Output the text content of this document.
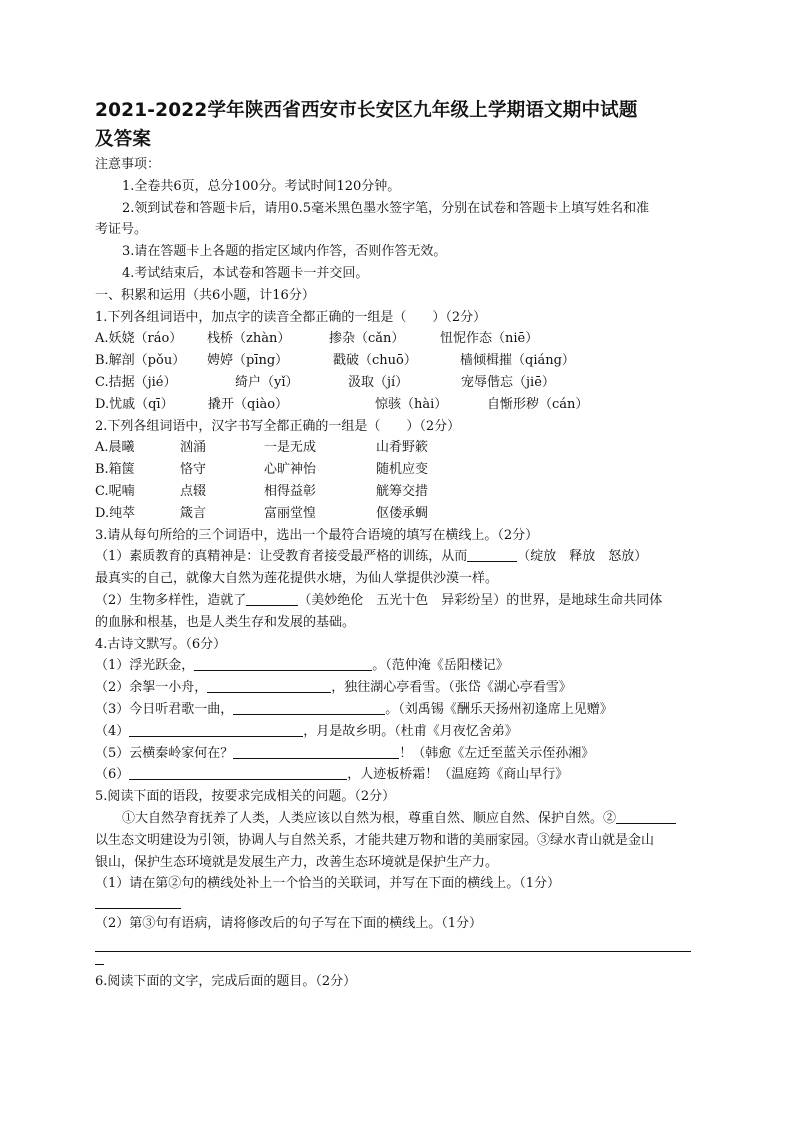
2021-2022学年陕西省西安市长安区九年级上学期语文期中试题
及答案
注意事项：
1.全卷共6页，总分100分。考试时间120分钟。
2.领到试卷和答题卡后，请用0.5毫米黑色墨水签字笔，分别在试卷和答题卡上填写姓名和准
考证号。
3.请在答题卡上各题的指定区域内作答，否则作答无效。
4.考试结束后，本试卷和答题卡一并交回。
一、积累和运用（共6小题，计16分）
1.下列各组词语中，加点字的读音全都正确的一组是（　　）（2分）
A.妖娆（ráo）	栈桥（zhàn）	掺杂（cǎn）	忸怩作态（niē）
B.解剖（pǒu）	娉婷（pīng）	戳破（chuō）	樯倾楫摧（qiáng）
C.拮据（jié）	绮户（yǐ）	汲取（jí）	宠辱偕忘（jiē）
D.忧戚（qī）	撬开（qiào）	惊骇（hài）	自惭形秽（cán）
2.下列各组词语中，汉字书写全都正确的一组是（　　）（2分）
A.晨曦	汹涌	一是无成	山肴野簌
B.箱箧	恪守	心旷神怡	随机应变
C.呢喃	点辍	相得益彰	觥筹交措
D.纯萃	箴言	富丽堂惶	伛偻承蜩
3.请从每句所给的三个词语中，选出一个最符合语境的填写在横线上。（2分）
（1）素质教育的真精神是：让受教育者接受最严格的训练，从而	（绽放　释放　怒放）
最真实的自己，就像大自然为莲花提供水塘，为仙人掌提供沙漠一样。
（2）生物多样性，造就了	（美妙绝伦　五光十色　异彩纷呈）的世界，是地球生命共同体
的血脉和根基，也是人类生存和发展的基础。
4.古诗文默写。（6分）
（1）浮光跃金，	。（范仲淹《岳阳楼记》
（2）余挐一小舟，	，独往湖心亭看雪。（张岱《湖心亭看雪》
（3）今日听君歌一曲，	。（刘禹锡《酬乐天扬州初逢席上见赠》
（4）	，月是故乡明。（杜甫《月夜忆舍弟》
（5）云横秦岭家何在？	！（韩愈《左迁至蓝关示侄孙湘》
（6）	，人迹板桥霜！（温庭筠《商山早行》
5.阅读下面的语段，按要求完成相关的问题。（2分）
①大自然孕育抚养了人类，人类应该以自然为根，尊重自然、顺应自然、保护自然。②
以生态文明建设为引领，协调人与自然关系，才能共建万物和谐的美丽家园。③绿水青山就是金山
银山，保护生态环境就是发展生产力，改善生态环境就是保护生产力。
（1）请在第②句的横线处补上一个恰当的关联词，并写在下面的横线上。（1分）
（2）第③句有语病，请将修改后的句子写在下面的横线上。（1分）
6.阅读下面的文字，完成后面的题目。（2分）
